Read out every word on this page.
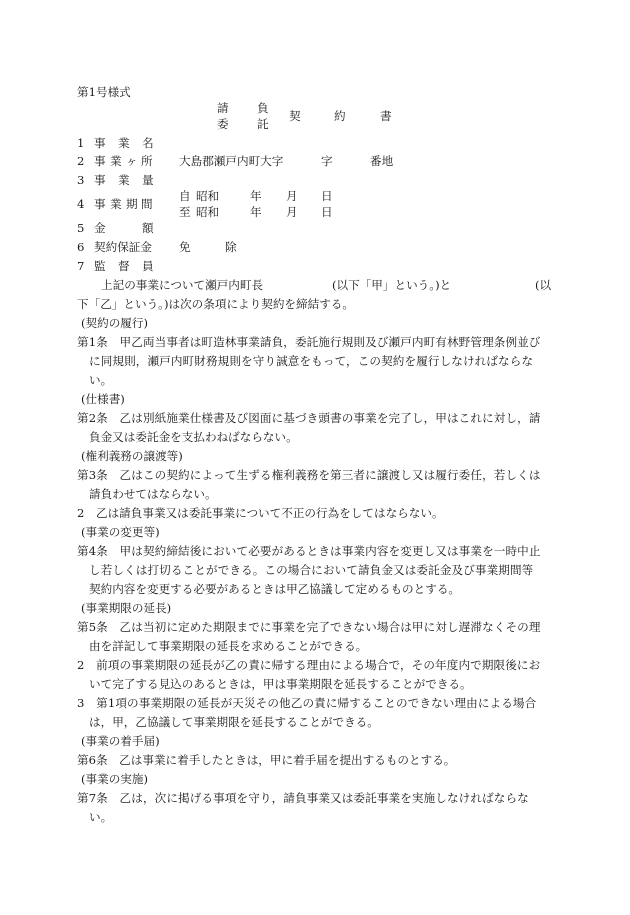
第1号様式
請 負
委 託
契	約	書
1 事 業 名
2 事 業 ヶ 所 大島郡瀬戸内町大字	字	番地
3 事 業 量
4 事 業 期 間
自 昭和	年 月 日
至 昭和	年 月 日
5 金	額
6 契約保証金 免	除
7 監 督 員
上記の事業について瀬戸内町長	(以下「甲」という。)と	(以
下「乙」という。)は次の条項により契約を締結する。
(契約の履行)
第1条　甲乙両当事者は町造林事業請負，委託施行規則及び瀬戸内町有林野管理条例並び
に同規則，瀬戸内町財務規則を守り誠意をもって，この契約を履行しなければならな
い。
(仕様書)
第2条　乙は別紙施業仕様書及び図面に基づき頭書の事業を完了し，甲はこれに対し，請
負金又は委託金を支払わねばならない。
(権利義務の譲渡等)
第3条　乙はこの契約によって生ずる権利義務を第三者に譲渡し又は履行委任，若しくは
請負わせてはならない。
2　乙は請負事業又は委託事業について不正の行為をしてはならない。
(事業の変更等)
第4条　甲は契約締結後において必要があるときは事業内容を変更し又は事業を一時中止
し若しくは打切ることができる。この場合において請負金又は委託金及び事業期間等
契約内容を変更する必要があるときは甲乙協議して定めるものとする。
(事業期限の延長)
第5条　乙は当初に定めた期限までに事業を完了できない場合は甲に対し遅滞なくその理
由を詳記して事業期限の延長を求めることができる。
2　前項の事業期限の延長が乙の責に帰する理由による場合で，その年度内で期限後にお
いて完了する見込のあるときは，甲は事業期限を延長することができる。
3　第1項の事業期限の延長が天災その他乙の責に帰することのできない理由による場合
は，甲，乙協議して事業期限を延長することができる。
(事業の着手届)
第6条　乙は事業に着手したときは，甲に着手届を提出するものとする。
(事業の実施)
第7条　乙は，次に掲げる事項を守り，請負事業又は委託事業を実施しなければならな
い。
